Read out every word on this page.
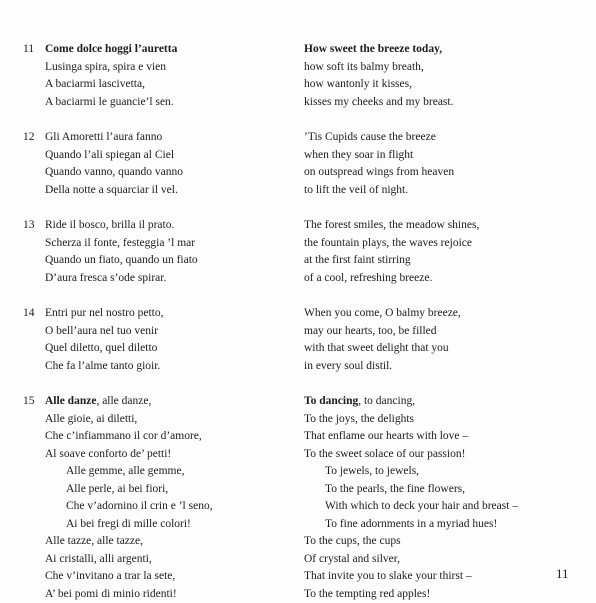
11 Come dolce hoggi l’auretta
Lusinga spira, spira e vien
A baciarmi lascivetta,
A baciarmi le guancie’l sen.
12 Gli Amoretti l’aura fanno
Quando l’ali spiegan al Ciel
Quando vanno, quando vanno
Della notte a squarciar il vel.
13 Ride il bosco, brilla il prato.
Scherza il fonte, festeggia ’l mar
Quando un fiato, quando un fiato
D’aura fresca s’ode spirar.
14 Entri pur nel nostro petto,
O bell’aura nel tuo venir
Quel diletto, quel diletto
Che fa l’alme tanto gioir.
15 Alle danze, alle danze,
Alle gioie, ai diletti,
Che c’infiammano il cor d’amore,
Al soave conforto de’ petti!
Alle gemme, alle gemme,
Alle perle, ai bei fiori,
Che v’adornino il crin e ’l seno,
Ai bei fregi di mille colori!
Alle tazze, alle tazze,
Ai cristalli, alli argenti,
Che v’invitano a trar la sete,
A’ bei pomi di minio ridenti!
How sweet the breeze today,
how soft its balmy breath,
how wantonly it kisses,
kisses my cheeks and my breast.
’Tis Cupids cause the breeze
when they soar in flight
on outspread wings from heaven
to lift the veil of night.
The forest smiles, the meadow shines,
the fountain plays, the waves rejoice
at the first faint stirring
of a cool, refreshing breeze.
When you come, O balmy breeze,
may our hearts, too, be filled
with that sweet delight that you
in every soul distil.
To dancing, to dancing,
To the joys, the delights
That enflame our hearts with love –
To the sweet solace of our passion!
To jewels, to jewels,
To the pearls, the fine flowers,
With which to deck your hair and breast –
To fine adornments in a myriad hues!
To the cups, the cups
Of crystal and silver,
That invite you to slake your thirst –
To the tempting red apples!
11
